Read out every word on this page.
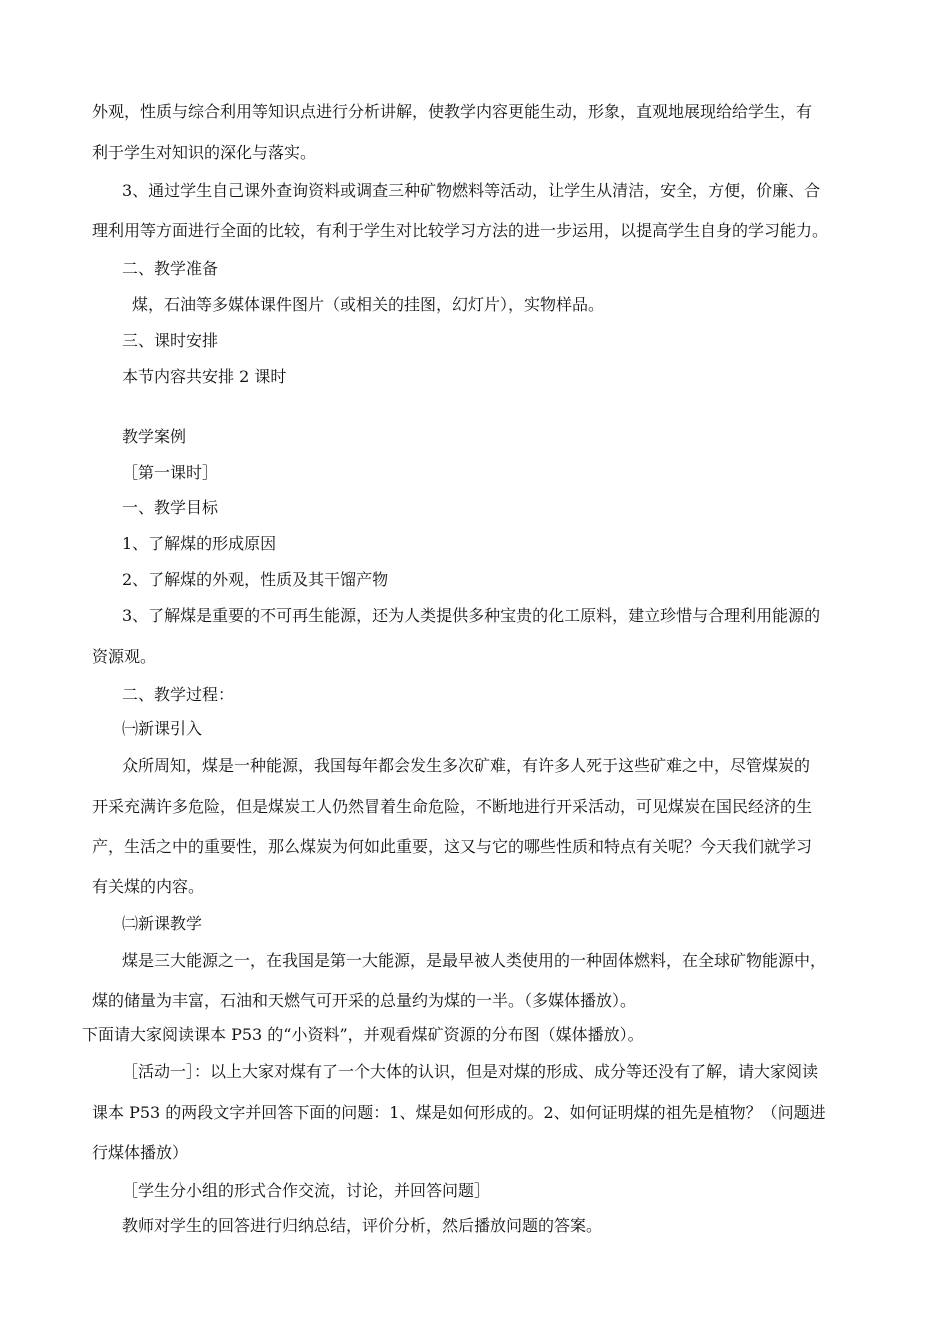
外观，性质与综合利用等知识点进行分析讲解，使教学内容更能生动，形象，直观地展现给给学生，有
利于学生对知识的深化与落实。
3、通过学生自己课外查询资料或调查三种矿物燃料等活动，让学生从清洁，安全，方便，价廉、合
理利用等方面进行全面的比较，有利于学生对比较学习方法的进一步运用，以提高学生自身的学习能力。
二、教学准备
煤，石油等多媒体课件图片（或相关的挂图，幻灯片），实物样品。
三、课时安排
本节内容共安排 2 课时
教学案例
［第一课时］
一、教学目标
1、了解煤的形成原因
2、了解煤的外观，性质及其干馏产物
3、了解煤是重要的不可再生能源，还为人类提供多种宝贵的化工原料，建立珍惜与合理利用能源的
资源观。
二、教学过程：
㈠新课引入
众所周知，煤是一种能源，我国每年都会发生多次矿难，有许多人死于这些矿难之中，尽管煤炭的
开采充满许多危险，但是煤炭工人仍然冒着生命危险，不断地进行开采活动，可见煤炭在国民经济的生
产，生活之中的重要性，那么煤炭为何如此重要，这又与它的哪些性质和特点有关呢？今天我们就学习
有关煤的内容。
㈡新课教学
煤是三大能源之一，在我国是第一大能源，是最早被人类使用的一种固体燃料，在全球矿物能源中，
煤的储量为丰富，石油和天燃气可开采的总量约为煤的一半。（多媒体播放）。
下面请大家阅读课本 P53 的“小资料”，并观看煤矿资源的分布图（媒体播放）。
［活动一］：以上大家对煤有了一个大体的认识，但是对煤的形成、成分等还没有了解，请大家阅读
课本 P53 的两段文字并回答下面的问题：1、煤是如何形成的。2、如何证明煤的祖先是植物？（问题进
行煤体播放）
［学生分小组的形式合作交流，讨论，并回答问题］
教师对学生的回答进行归纳总结，评价分析，然后播放问题的答案。
